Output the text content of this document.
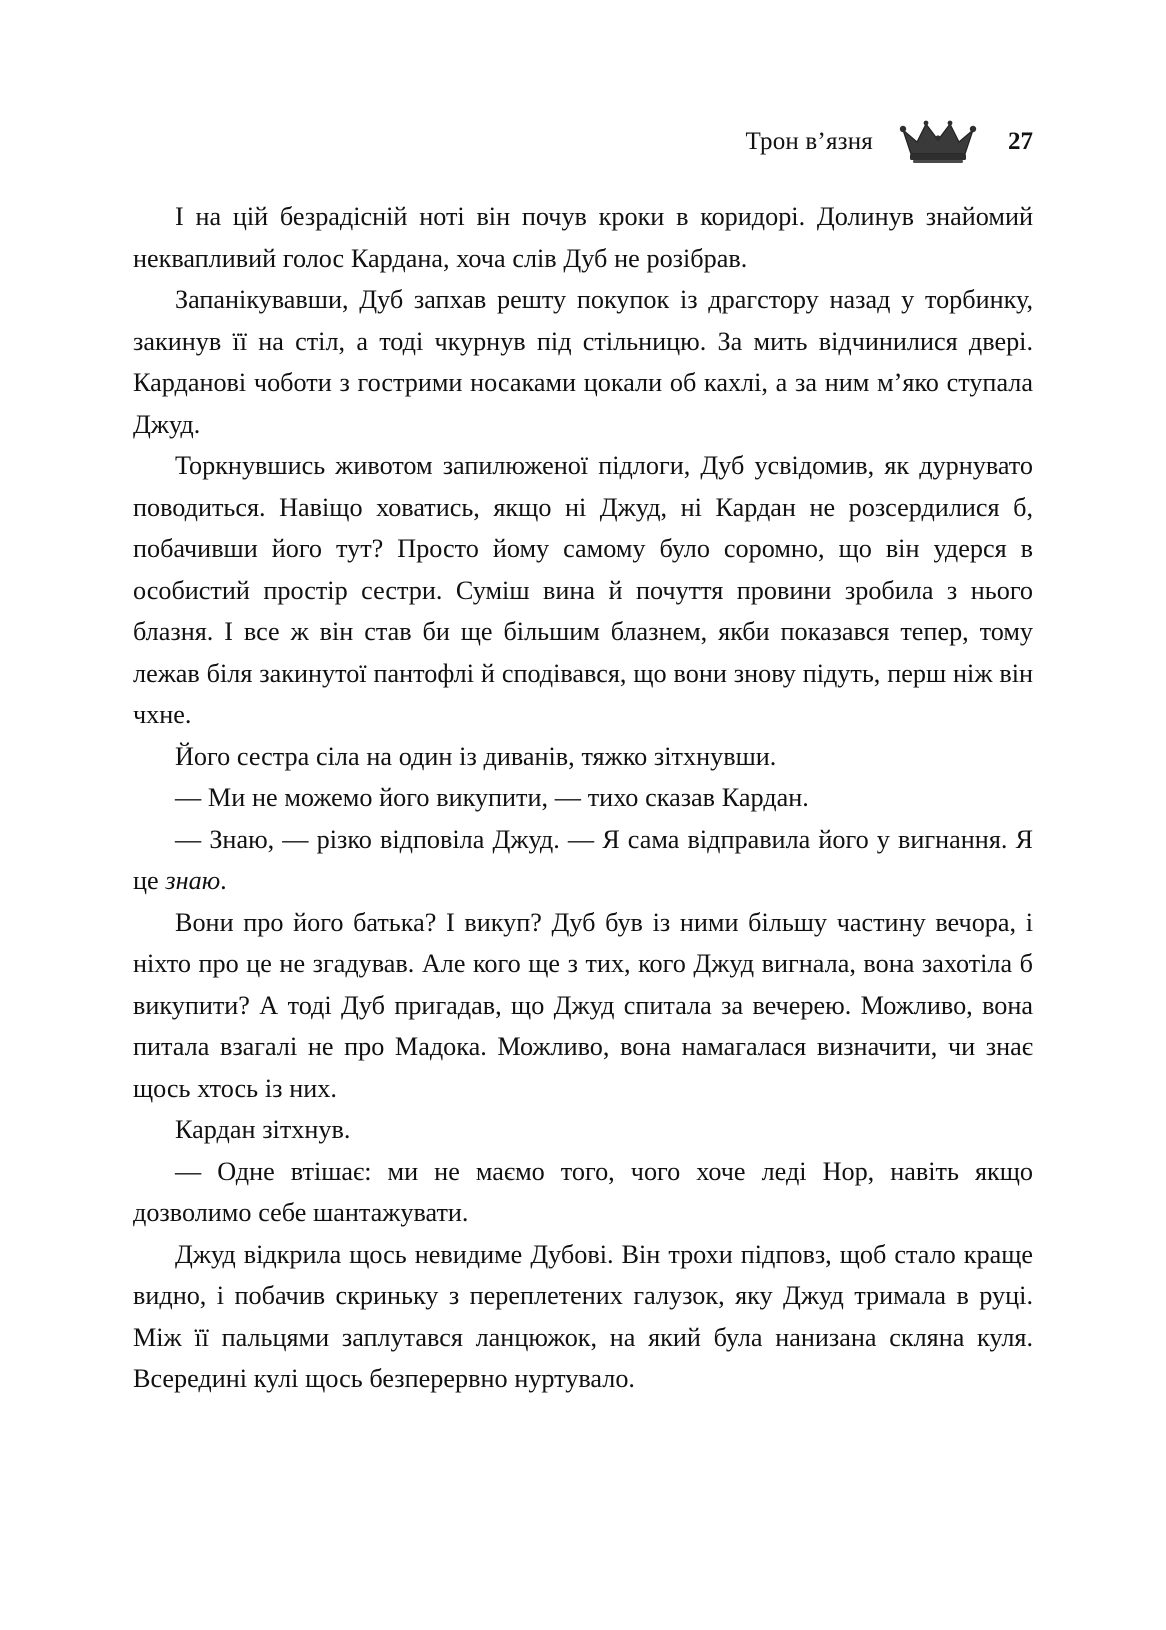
Трон в’язня	27

І на цій безрадісній ноті він почув кроки в коридорі. Долинув знайомий неквапливий голос Кардана, хоча слів Дуб не розібрав.

Запанікувавши, Дуб запхав решту покупок із драгстору назад у торбинку, закинув її на стіл, а тоді чкурнув під стільницю. За мить відчинилися двері. Карданові чоботи з гострими носаками цокали об кахлі, а за ним м’яко ступала Джуд.

Торкнувшись животом запилюженої підлоги, Дуб усвідомив, як дурнувато поводиться. Навіщо ховатись, якщо ні Джуд, ні Кардан не розсердилися б, побачивши його тут? Просто йому самому було соромно, що він удерся в особистий простір сестри. Суміш вина й почуття провини зробила з нього блазня. І все ж він став би ще більшим блазнем, якби показався тепер, тому лежав біля закинутої пантофлі й сподівався, що вони знову підуть, перш ніж він чхне.

Його сестра сіла на один із диванів, тяжко зітхнувши.

— Ми не можемо його викупити, — тихо сказав Кардан.

— Знаю, — різко відповіла Джуд. — Я сама відправила його у вигнання. Я це знаю.

Вони про його батька? І викуп? Дуб був із ними більшу частину вечора, і ніхто про це не згадував. Але кого ще з тих, кого Джуд вигнала, вона захотіла б викупити? А тоді Дуб пригадав, що Джуд спитала за вечерею. Можливо, вона питала взагалі не про Мадока. Можливо, вона намагалася визначити, чи знає щось хтось із них.

Кардан зітхнув.

— Одне втішає: ми не маємо того, чого хоче леді Нор, навіть якщо дозволимо себе шантажувати.

Джуд відкрила щось невидиме Дубові. Він трохи підповз, щоб стало краще видно, і побачив скриньку з переплетених галузок, яку Джуд тримала в руці. Між її пальцями заплутався ланцюжок, на який була нанизана скляна куля. Всередині кулі щось безперервно нуртувало.
